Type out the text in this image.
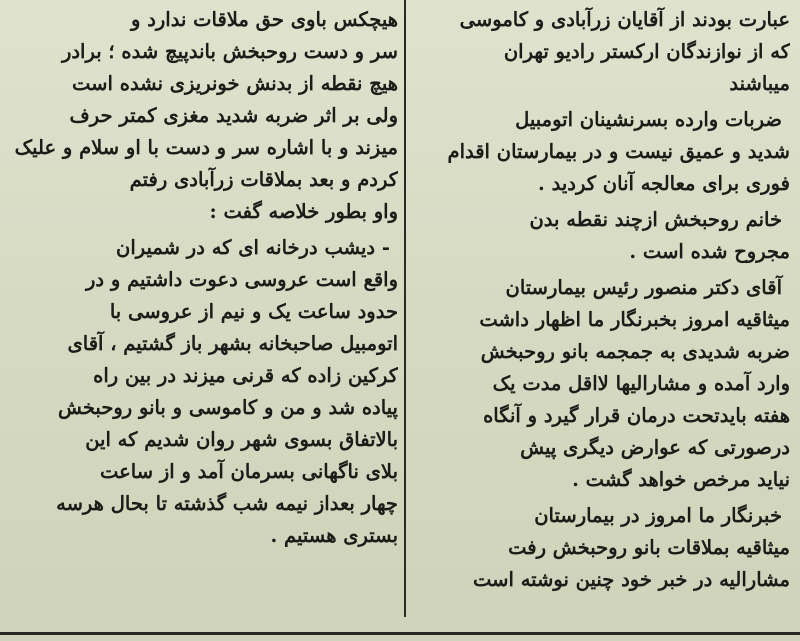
عبارت بودند از آقایان زرآبادی و کاموسی
که از نوازندگان ارکستر رادیو تهران
میباشند
ضربات وارده بسرنشینان اتومبیل
شدید و عمیق نیست و در بیمارستان اقدام
فوری برای معالجه آنان کردید .
خانم روحبخش ازچند نقطه بدن
مجروح شده است .
آقای دکتر منصور رئیس بیمارستان
میثاقیه امروز بخبرنگار ما اظهار داشت
ضربه شدیدی به جمجمه بانو روحبخش
وارد آمده و مشارالیها لااقل مدت یک
هفته بایدتحت درمان قرار گیرد و آنگاه
درصورتی که عوارض دیگری پیش
نیاید مرخص خواهد گشت .
خبرنگار ما امروز در بیمارستان
میثاقیه بملاقات بانو روحبخش رفت
مشارالیه در خبر خود چنین نوشته است
هیچکس باوی حق ملاقات ندارد و
سر و دست روحبخش باندپیچ شده ؛ برادر
هیچ نقطه از بدنش خونریزی نشده است
ولی بر اثر ضربه شدید مغزی کمتر حرف
میزند و با اشاره سر و دست با او سلام و علیک
کردم و بعد بملاقات زرآبادی رفتم
واو بطور خلاصه گفت :
- دیشب درخانه ای که در شمیران
واقع است عروسی دعوت داشتیم و در
حدود ساعت یک و نیم از عروسی با
اتومبیل صاحبخانه بشهر باز گشتیم ، آقای
کرکین زاده که قرنی میزند در بین راه
پیاده شد و من و کاموسی و بانو روحبخش
بالاتفاق بسوی شهر روان شدیم که این
بلای ناگهانی بسرمان آمد و از ساعت
چهار بعداز نیمه شب گذشته تا بحال هرسه
بستری هستیم .
